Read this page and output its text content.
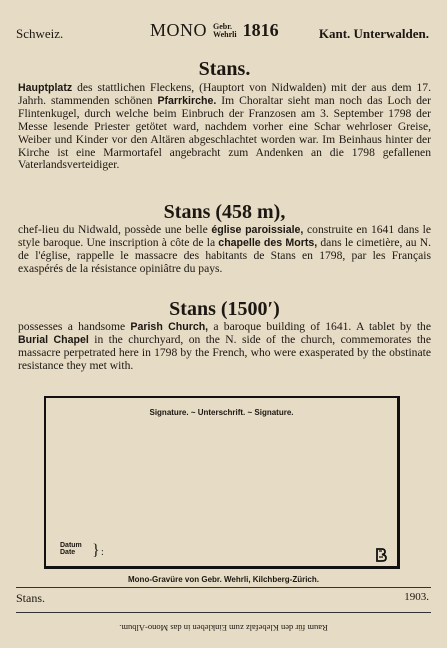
Schweiz.	MONO Gebr.
Wehrli 1816	Kant. Unterwalden.
Stans.

Hauptplatz des stattlichen Fleckens, (Hauptort von Nidwalden) mit der aus dem 17. Jahrh. stammenden schönen Pfarrkirche. Im Choraltar sieht man noch das Loch der Flintenkugel, durch welche beim Einbruch der Franzosen am 3. September 1798 der Messe lesende Priester getötet ward, nachdem vorher eine Schar wehrloser Greise, Weiber und Kinder vor den Altären abgeschlachtet worden war. Im Beinhaus hinter der Kirche ist eine Marmortafel angebracht zum Andenken an die 1798 gefallenen Vaterlandsverteidiger.

Stans (458 m),

chef-lieu du Nidwald, possède une belle église paroissiale, construite en 1641 dans le style baroque. Une inscription à côte de la chapelle des Morts, dans le cimetière, au N. de l'église, rappelle le massacre des habitants de Stans en 1798, par les Français exaspérés de la résistance opiniâtre du pays.

Stans (1500′)

possesses a handsome Parish Church, a baroque building of 1641. A tablet by the Burial Chapel in the churchyard, on the N. side of the church, commemorates the massacre perpetrated here in 1798 by the French, who were exasperated by the obstinate resistance they met with.

Signature. ~ Unterschrift. ~ Signature.
Datum
Date	} :
Mono-Gravüre von Gebr. Wehrli, Kilchberg-Zürich.
Stans.	1903.
Raum für den Klebefalz zum Einkleben in das Mono-Album.
